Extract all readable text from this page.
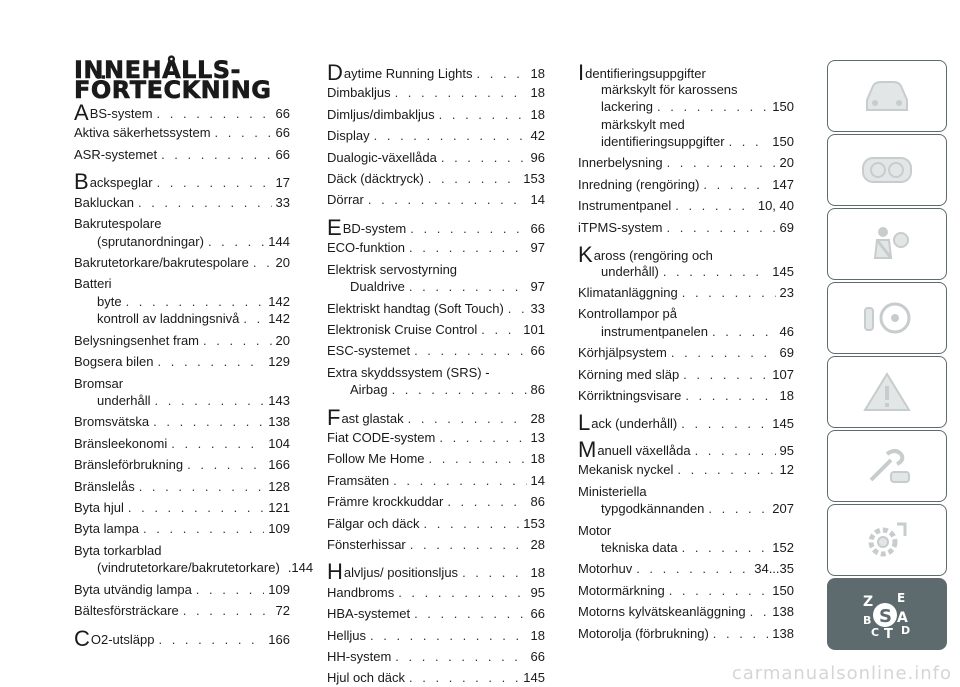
INNEHÅLLS-
FÖRTECKNING
ABS-system . . .	66
Aktiva säkerhetssystem . . .	66
ASR-systemet . . .	66
Backspeglar . . .	17
Bakluckan . . .	33
Bakrutespolare
(sprutanordningar) . . .	144
Bakrutetorkare/bakrutespolare . . . 20
Batteri
byte . . .	142
kontroll av laddningsnivå . . . 142
Belysningsenhet fram . . .	20
Bogsera bilen . . .	129
Bromsar
underhåll . . .	143
Bromsvätska . . .	138
Bränsleekonomi . . .	104
Bränsleförbrukning . . .	166
Bränslelås . . .	128
Byta hjul . . .	121
Byta lampa . . .	109
Byta torkarblad
(vindrutetorkare/bakrutetorkare) .144
Byta utvändig lampa . . .	109
Bältesförsträckare . . .	72
CO2-utsläpp . . .	166
Daytime Running Lights . . .	18
Dimbakljus . . .	18
Dimljus/dimbakljus . . .	18
Display . . .	42
Dualogic-växellåda . . .	96
Däck (däcktryck) . . .	153
Dörrar . . .	14
EBD-system . . .	66
ECO-funktion . . .	97
Elektrisk servostyrning
Dualdrive . . .	97
Elektriskt handtag (Soft Touch) . . . 33
Elektronisk Cruise Control . . .	101
ESC-systemet . . .	66
Extra skyddssystem (SRS) -
Airbag . . .	86
Fast glastak . . .	28
Fiat CODE-system . . .	13
Follow Me Home . . .	18
Framsäten . . .	14
Främre krockkuddar . . .	86
Fälgar och däck . . .	153
Fönsterhissar . . .	28
Halvljus/ positionsljus . . .	18
Handbroms . . .	95
HBA-systemet . . .	66
Helljus . . .	18
HH-system . . .	66
Hjul och däck . . .	145
Identifieringsuppgifter
märkskylt för karossens
lackering . . .	150
märkskylt med
identifieringsuppgifter . . .	150
Innerbelysning . . .	20
Inredning (rengöring) . . .	147
Instrumentpanel . . .	10, 40
iTPMS-system . . .	69
Kaross (rengöring och
underhåll) . . .	145
Klimatanläggning . . .	23
Kontrollampor på
instrumentpanelen . . .	46
Körhjälpsystem . . .	69
Körning med släp . . .	107
Körriktningsvisare . . .	18
Lack (underhåll) . . .	145
Manuell växellåda . . .	95
Mekanisk nyckel . . .	12
Ministeriella
typgodkännanden . . .	207
Motor
tekniska data . . .	152
Motorhuv . . .	34...35
Motormärkning . . .	150
Motorns kylvätskeanläggning . . . 138
Motorolja (förbrukning) . . .	138
Z E
B S A
C T D
carmanualsonline.info
